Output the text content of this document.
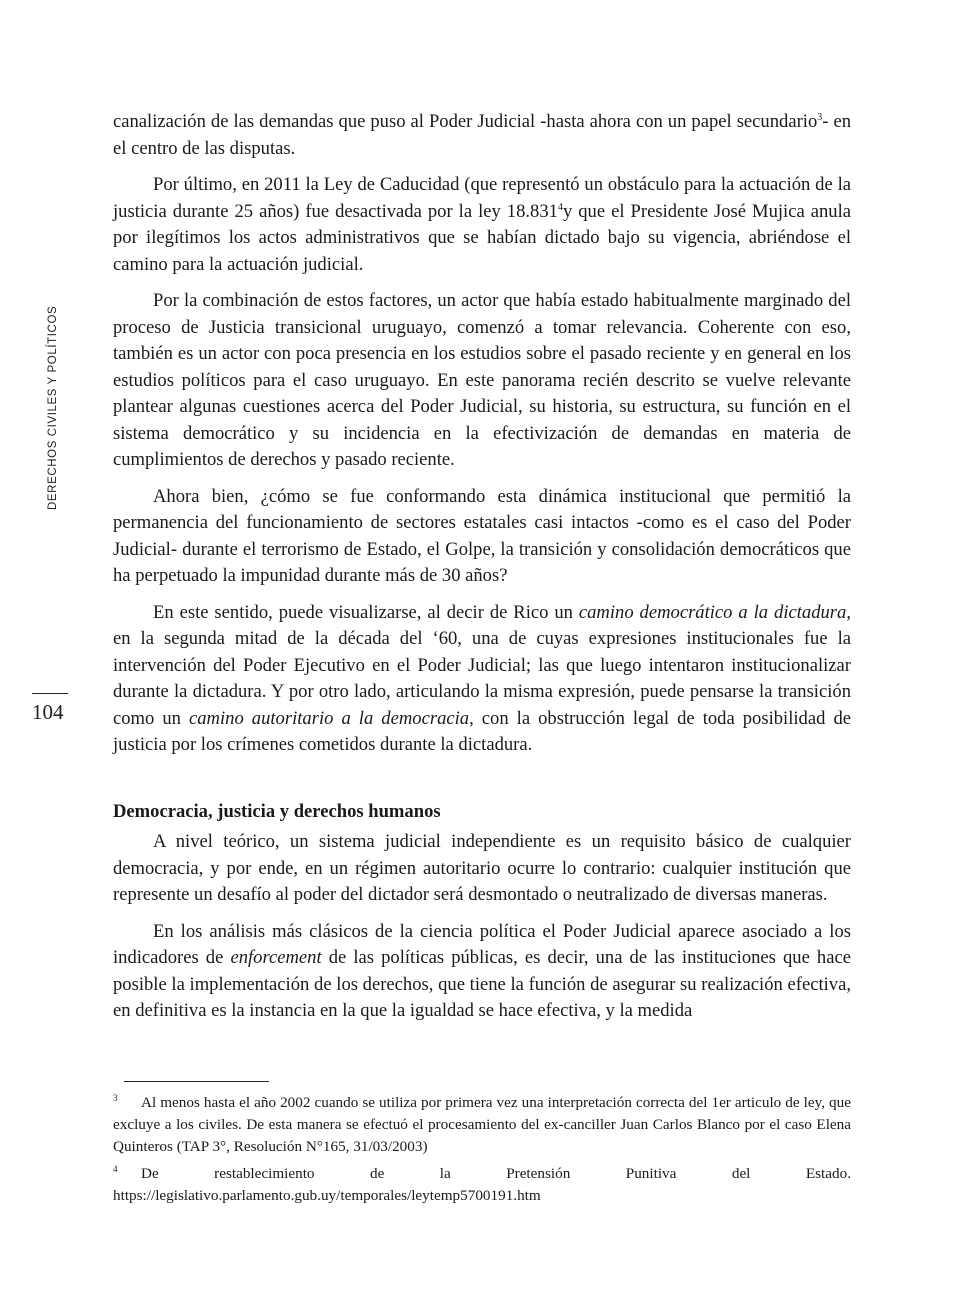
DERECHOS CIVILES Y POLÍTICOS
104

canalización de las demandas que puso al Poder Judicial -hasta ahora con un papel secundario$^3$- en el centro de las disputas.

Por último, en 2011 la Ley de Caducidad (que representó un obstáculo para la actuación de la justicia durante 25 años) fue desactivada por la ley 18.831$^4$y que el Presidente José Mujica anula por ilegítimos los actos administrativos que se habían dictado bajo su vigencia, abriéndose el camino para la actuación judicial.

Por la combinación de estos factores, un actor que había estado habitualmente marginado del proceso de Justicia transicional uruguayo, comenzó a tomar relevancia. Coherente con eso, también es un actor con poca presencia en los estudios sobre el pasado reciente y en general en los estudios políticos para el caso uruguayo. En este panorama recién descrito se vuelve relevante plantear algunas cuestiones acerca del Poder Judicial, su historia, su estructura, su función en el sistema democrático y su incidencia en la efectivización de demandas en materia de cumplimientos de derechos y pasado reciente.

Ahora bien, ¿cómo se fue conformando esta dinámica institucional que permitió la permanencia del funcionamiento de sectores estatales casi intactos -como es el caso del Poder Judicial- durante el terrorismo de Estado, el Golpe, la transición y consolidación democráticos que ha perpetuado la impunidad durante más de 30 años?

En este sentido, puede visualizarse, al decir de Rico un camino democrático a la dictadura, en la segunda mitad de la década del ‘60, una de cuyas expresiones institucionales fue la intervención del Poder Ejecutivo en el Poder Judicial; las que luego intentaron institucionalizar durante la dictadura. Y por otro lado, articulando la misma expresión, puede pensarse la transición como un camino autoritario a la democracia, con la obstrucción legal de toda posibilidad de justicia por los crímenes cometidos durante la dictadura.

Democracia, justicia y derechos humanos

A nivel teórico, un sistema judicial independiente es un requisito básico de cualquier democracia, y por ende, en un régimen autoritario ocurre lo contrario: cualquier institución que represente un desafío al poder del dictador será desmontado o neutralizado de diversas maneras.

En los análisis más clásicos de la ciencia política el Poder Judicial aparece asociado a los indicadores de enforcement de las políticas públicas, es decir, una de las instituciones que hace posible la implementación de los derechos, que tiene la función de asegurar su realización efectiva, en definitiva es la instancia en la que la igualdad se hace efectiva, y la medida

3 Al menos hasta el año 2002 cuando se utiliza por primera vez una interpretación correcta del 1er articulo de ley, que excluye a los civiles. De esta manera se efectuó el procesamiento del ex-canciller Juan Carlos Blanco por el caso Elena Quinteros (TAP 3°, Resolución N°165, 31/03/2003)

4 De restablecimiento de la Pretensión Punitiva del Estado. https://legislativo.parlamento.gub.uy/temporales/leytemp5700191.htm
